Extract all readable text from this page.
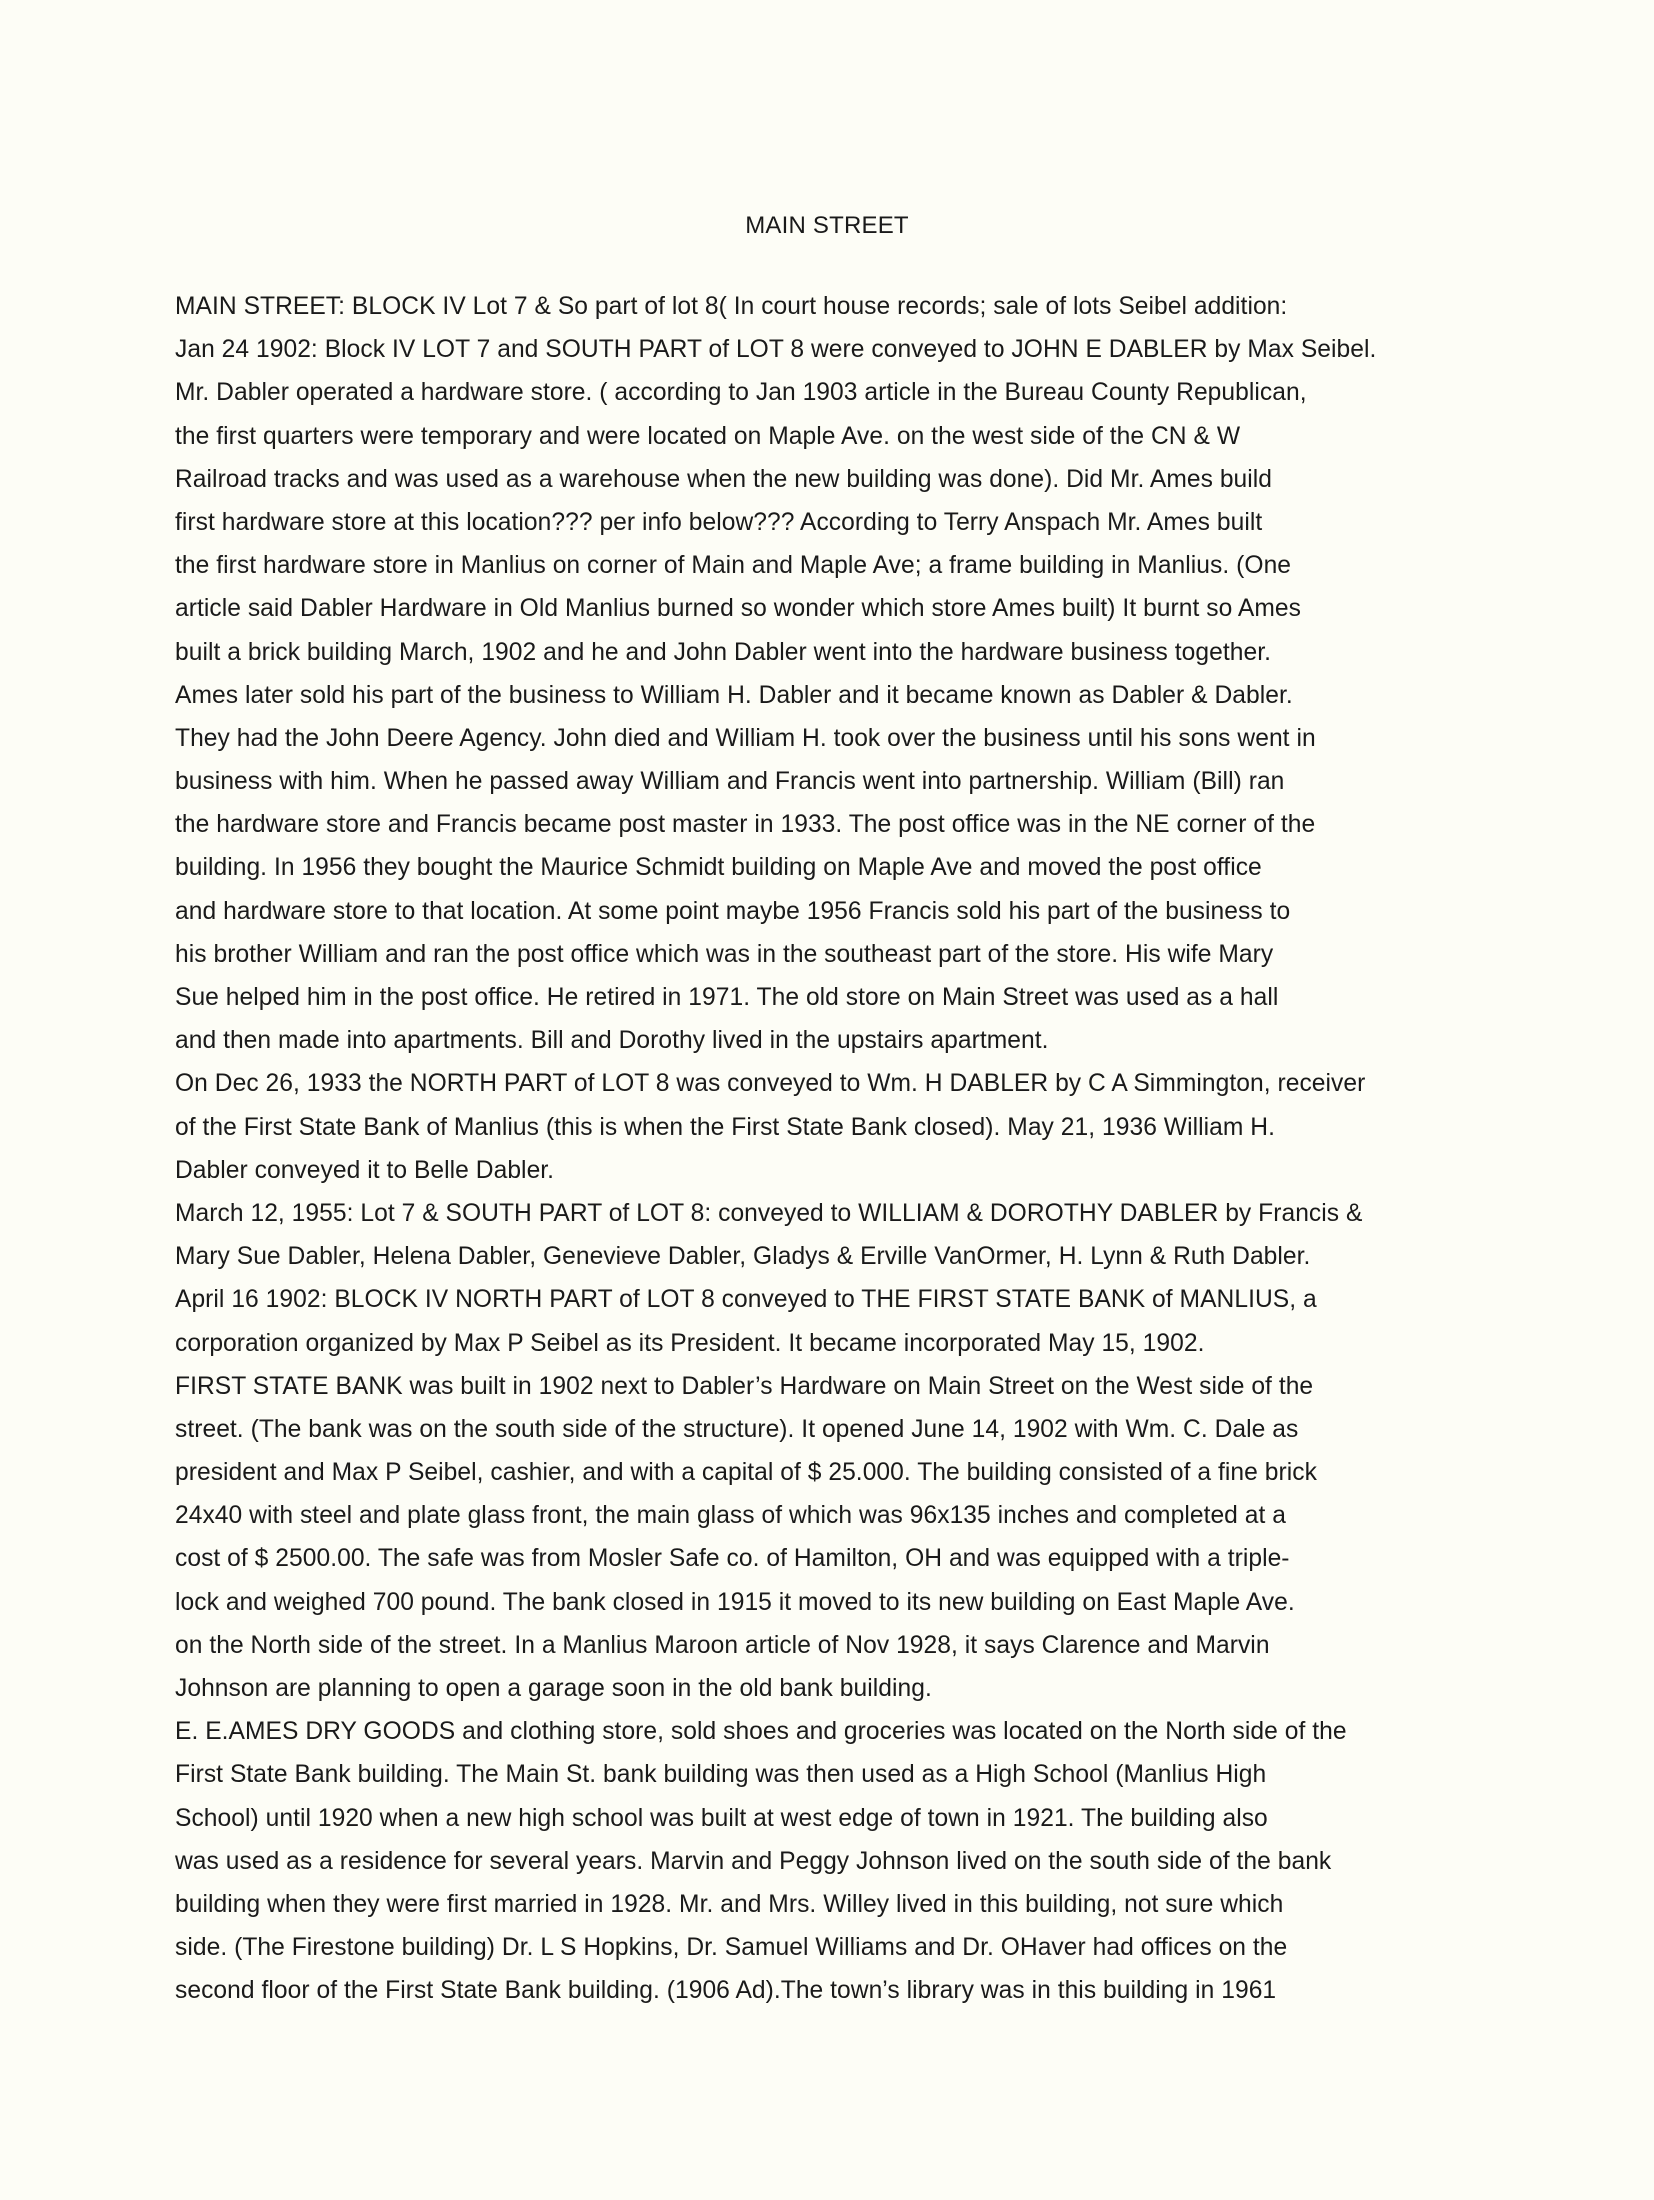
MAIN STREET
MAIN STREET: BLOCK IV Lot 7 & So part of lot 8( In court house records; sale of lots Seibel addition:
Jan 24 1902: Block IV LOT 7 and SOUTH PART of LOT 8 were conveyed to JOHN E DABLER by Max Seibel.
Mr. Dabler operated a hardware store. ( according to Jan 1903 article in the Bureau County Republican,
the first quarters were temporary and were located on Maple Ave. on the west side of the CN & W
Railroad tracks and was used as a warehouse when the new building was done). Did Mr. Ames build
first hardware store at this location??? per info below??? According to Terry Anspach Mr. Ames built
the first hardware store in Manlius on corner of Main and Maple Ave; a frame building in Manlius. (One
article said Dabler Hardware in Old Manlius burned so wonder which store Ames built) It burnt so Ames
built a brick building March, 1902 and he and John Dabler went into the hardware business together.
Ames later sold his part of the business to William H. Dabler and it became known as Dabler & Dabler.
They had the John Deere Agency. John died and William H. took over the business until his sons went in
business with him. When he passed away William and Francis went into partnership. William (Bill) ran
the hardware store and Francis became post master in 1933. The post office was in the NE corner of the
building. In 1956 they bought the Maurice Schmidt building on Maple Ave and moved the post office
and hardware store to that location. At some point maybe 1956 Francis sold his part of the business to
his brother William and ran the post office which was in the southeast part of the store. His wife Mary
Sue helped him in the post office. He retired in 1971. The old store on Main Street was used as a hall
and then made into apartments. Bill and Dorothy lived in the upstairs apartment.
On Dec 26, 1933 the NORTH PART of LOT 8 was conveyed to Wm. H DABLER by C A Simmington, receiver
of the First State Bank of Manlius (this is when the First State Bank closed). May 21, 1936 William H.
Dabler conveyed it to Belle Dabler.
March 12, 1955: Lot 7 & SOUTH PART of LOT 8: conveyed to WILLIAM & DOROTHY DABLER by Francis &
Mary Sue Dabler, Helena Dabler, Genevieve Dabler, Gladys & Erville VanOrmer, H. Lynn & Ruth Dabler.
April 16 1902: BLOCK IV NORTH PART of LOT 8 conveyed to THE FIRST STATE BANK of MANLIUS, a
corporation organized by Max P Seibel as its President. It became incorporated May 15, 1902.
FIRST STATE BANK was built in 1902 next to Dabler’s Hardware on Main Street on the West side of the
street. (The bank was on the south side of the structure). It opened June 14, 1902 with Wm. C. Dale as
president and Max P Seibel, cashier, and with a capital of $ 25.000. The building consisted of a fine brick
24x40 with steel and plate glass front, the main glass of which was 96x135 inches and completed at a
cost of $ 2500.00. The safe was from Mosler Safe co. of Hamilton, OH and was equipped with a triple-
lock and weighed 700 pound. The bank closed in 1915 it moved to its new building on East Maple Ave.
on the North side of the street. In a Manlius Maroon article of Nov 1928, it says Clarence and Marvin
Johnson are planning to open a garage soon in the old bank building.
E. E.AMES DRY GOODS and clothing store, sold shoes and groceries was located on the North side of the
First State Bank building. The Main St. bank building was then used as a High School (Manlius High
School) until 1920 when a new high school was built at west edge of town in 1921. The building also
was used as a residence for several years. Marvin and Peggy Johnson lived on the south side of the bank
building when they were first married in 1928. Mr. and Mrs. Willey lived in this building, not sure which
side. (The Firestone building) Dr. L S Hopkins, Dr. Samuel Williams and Dr. OHaver had offices on the
second floor of the First State Bank building. (1906 Ad).The town’s library was in this building in 1961
